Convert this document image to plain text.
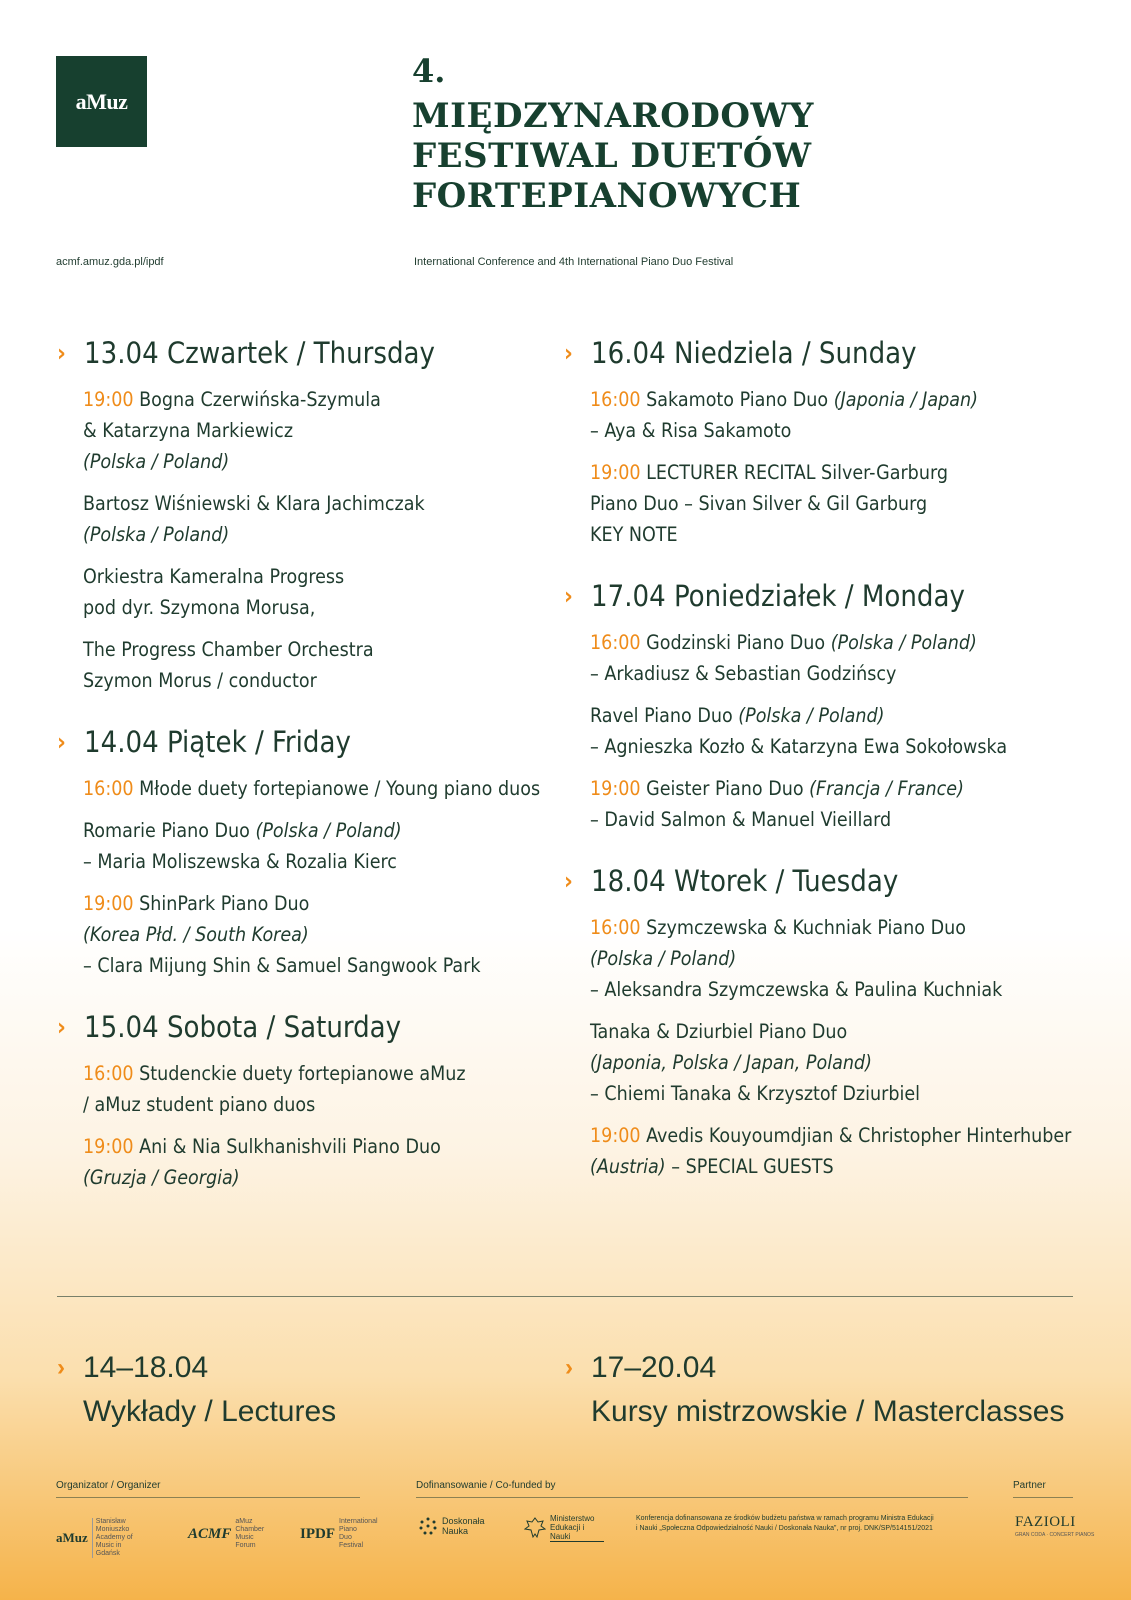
aMuz
acmf.amuz.gda.pl/ipdf
4.
MIĘDZYNARODOWY
FESTIWAL DUETÓW
FORTEPIANOWYCH
International Conference and 4th International Piano Duo Festival
› 13.04 Czwartek / Thursday
19:00 Bogna Czerwińska-Szymula
& Katarzyna Markiewicz
(Polska / Poland)
Bartosz Wiśniewski & Klara Jachimczak
(Polska / Poland)
Orkiestra Kameralna Progress
pod dyr. Szymona Morusa,
The Progress Chamber Orchestra
Szymon Morus / conductor
› 14.04 Piątek / Friday
16:00 Młode duety fortepianowe / Young piano duos
Romarie Piano Duo (Polska / Poland)
– Maria Moliszewska & Rozalia Kierc
19:00 ShinPark Piano Duo
(Korea Płd. / South Korea)
– Clara Mijung Shin & Samuel Sangwook Park
› 15.04 Sobota / Saturday
16:00 Studenckie duety fortepianowe aMuz
/ aMuz student piano duos
19:00 Ani & Nia Sulkhanishvili Piano Duo
(Gruzja / Georgia)
› 16.04 Niedziela / Sunday
16:00 Sakamoto Piano Duo (Japonia / Japan)
– Aya & Risa Sakamoto
19:00 LECTURER RECITAL Silver-Garburg
Piano Duo – Sivan Silver & Gil Garburg
KEY NOTE
› 17.04 Poniedziałek / Monday
16:00 Godzinski Piano Duo (Polska / Poland)
– Arkadiusz & Sebastian Godzińscy
Ravel Piano Duo (Polska / Poland)
– Agnieszka Kozło & Katarzyna Ewa Sokołowska
19:00 Geister Piano Duo (Francja / France)
– David Salmon & Manuel Vieillard
› 18.04 Wtorek / Tuesday
16:00 Szymczewska & Kuchniak Piano Duo
(Polska / Poland)
– Aleksandra Szymczewska & Paulina Kuchniak
Tanaka & Dziurbiel Piano Duo
(Japonia, Polska / Japan, Poland)
– Chiemi Tanaka & Krzysztof Dziurbiel
19:00 Avedis Kouyoumdjian & Christopher Hinterhuber
(Austria) – SPECIAL GUESTS
› 14–18.04
Wykłady / Lectures
› 17–20.04
Kursy mistrzowskie / Masterclasses
Organizator / Organizer	Dofinansowanie / Co-funded by	Partner
aMuz
Stanisław Moniuszko Academy of Music in Gdańsk
ACMF
aMuz Chamber Music Forum
IPDF
International Piano Duo Festival
Doskonała Nauka
Ministerstwo Edukacji i Nauki
Konferencja dofinansowana ze środków budżetu państwa w ramach programu Ministra Edukacji
i Nauki „Społeczna Odpowiedzialność Nauki / Doskonała Nauka”, nr proj. DNK/SP/514151/2021	FAZIOLI
GRAN CODA · CONCERT PIANOS
